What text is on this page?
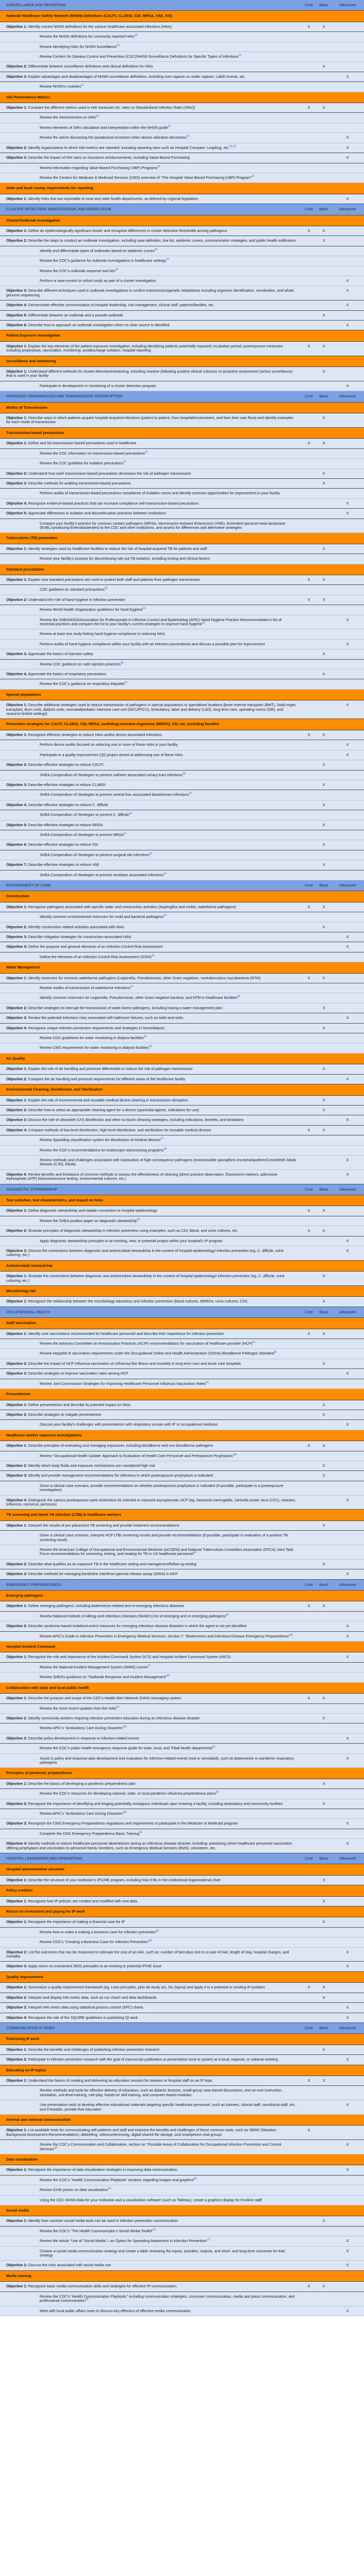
SURVEILLANCE AND REPORTING	Core	Basic	Advanced
National Healthcare Safety Network (NHSN) Definitions (CAUTI, CLABSI, CDI, MRSA, VAE, SSI)			
Objective 1: Identify current NHSN definitions for the various healthcare associated infections (HAIs)	X	X	
Review the NHSN definitions for commonly reported HAIs$^{18}$			
Review identifying HAIs for NHSN Surveillance$^{19}$			
Review Centers for Disease Control and Prevention (CDC)/NHSN Surveillance Definitions for Specific Types of Infections$^{20}$			
Objective 2: Differentiate between surveillance definitions and clinical definitions for HAIs		X	
Objective 3: Explain advantages and disadvantages of NHSN surveillance definitions, including over capture vs under capture, LabID events, etc.			X
Review NHSN's modules$^{21}$			
HAI Performance Metrics			
Objective 1: Compare the different metrics used in HAI measures (ie, rates vs Standardized Infection Ratio (SIRs))	X	X	
Review the intro/overview on SIRs$^{22}$			
Review elements of SIRs calculation and interpretation within the NHSN guide$^{22}$			
Review the article discussing the paradoxical increases when device utilization decreases$^{23}$			X
Objective 2: Identify organizations to which HAI metrics are reported, including reporting sites such as Hospital Compare, Leapfrog, etc.$^{24,25}$			X
Objective 3: Describe the impact of HAI rates on insurance reimbursements, including Value-Based Purchasing			X
Review information regarding Value-Based Purchasing (VBP) Programs$^{26}$			
Review the Centers for Medicare & Medicaid Services (CMS) overview of “The Hospital Value-Based Purchasing (VBP) Program”$^{27}$			
State and local county requirements for reporting			
Objective 1: Identify HAIs that are reportable to local and state health departments, as defined by regional legislation			X
CLUSTER DETECTION, INVESTIGATION, AND RESOLUTION	Core	Basic	Advanced
Cluster/Outbreak Investigation			
Objective 1: Define an epidemiologically significant cluster and recognize differences in cluster detection thresholds among pathogens	X	X	
Objective 2: Describe the steps to conduct an outbreak investigation, including case definition, line list, epidemic curves, communication strategies, and public health notification		X	
Identify and differentiate types of outbreaks based on epidemic curves$^{28}$			
Review the CDC’s guidance for outbreak investigations in healthcare settings$^{29}$			
Review the CDC’s outbreak response tool kits$^{30}$			
Perform a case-control or cohort study as part of a cluster investigation			X
Objective 3: Describe different techniques used in outbreak investigations to confirm transmission/genetic relatedness including organism identification, sensitivities, and whole genome sequencing.			X
Objective 4: Demonstrate effective communication to hospital leadership, risk management, clinical staff, patients/families, etc.			X
Objective 5: Differentiate between an outbreak and a pseudo-outbreak		X	
Objective 6: Describe how to approach an outbreak investigation when no clear source is identified			X
Patient Exposure investigation			
Objective 1: Explain the key elements of the patient exposure investigation, including identifying patients potentially exposed; incubation period; postexposure measures including prophylaxis, vaccination, monitoring, postdischarge isolation, hospital reporting	X	X	
Surveillance and monitoring			
Objective 1: Understand different methods for cluster detection/monitoring, including reactive (following positive clinical cultures) vs proactive assessment (active surveillance) that is used in your facility		X	
Participate in development or monitoring of a cluster detection program			X
PATHOGEN TRANSMISSION AND TRANSMISSION INTERRUPTION	Core	Basic	Advanced
Modes of Transmission			
Objective 1: Describe ways in which patients acquire hospital-acquired infections (patient to patient, from hospital/environment, and from their own flora) and identify examples for each mode of transmission		X	
Transmission-based precautions			
Objective 1: Define and list transmission-based precautions used in healthcare	X	X	
Review the CDC information on transmission-based precautions$^{31}$			
Review the CDC guideline for isolation precautions$^{32}$			
Objective 2: Understand how each transmission-based precautions decreases the risk of pathogen transmission		X	
Objective 3: Describe methods for auditing transmission-based precautions		X	
Perform audits of transmission-based precautions compliance of isolation rooms and identify common opportunities for improvement in your facility			
Objective 4: Recognize evidence-based practices that can increase compliance with transmission-based precautions			X
Objective 5: Appreciate differences in isolation and discontinuation practices between institutions			X
Compare your facility’s practice for common contact pathogens (MRSA, Vancomycin-resistant Enterococci (VRE), Extended-spectrum beta-lactamase (ESBL)-producing Enterobacterales) to the CDC and other institutions, and assess for differences and alternative strategies			
Tuberculosis (TB) prevention			
Objective 1: Identify strategies used by healthcare facilities to reduce the risk of hospital-acquired TB for patients and staff		X	
Review your facility’s process for discontinuing rule out TB isolation, including testing and clinical factors			
Standard precautions			
Objective 1: Explain how standard precautions are used to protect both staff and patients from pathogen transmission	X	X	
CDC guidance on standard precautions$^{33}$			
Objective 2: Understand the role of hand hygiene in infection prevention	X	X	
Review World Health Organization guidelines for hand hygiene$^{34}$			
Review the SHEA/IDSA/Association for Professionals in Infection Control and Epidemiolog (APIC) Hand Hygiene Practice Recommendation’s list of essential practices and compare the list to your facility's current strategies to improve hand hygiene$^{35}$			X
Review at least one study linking hand hygiene compliance to reducing HAIs			
Perform audits of hand hygiene compliance within your facility with an infection preventionist and discuss a possible plan for improvement			X
Objective 3: Appreciate the basics of injection safety		X	
Review CDC guidance on safe injection practices$^{36}$			
Objective 4: Appreciate the basics of respiratory precautions		X	
Review the CDC’s guidance on respiratory etiquette$^{37}$			
Special populations			
Objective 1: Describe additional strategies used to reduce transmission of pathogens in special populations or specialized locations [bone marrow transplant (BMT), Solid organ transplant, Burn units, dialysis units, neonatal/pediatric intensive care unit (NICU/PICU), Ambulatory, labor and delivery (L&D), long term care, operating rooms (OR), and resource limited settings]			X
Prevention strategies for CAUTI, CLABSI, CDI, MRSA, multidrug-resistant organisms (MDRO), SSI, etc. including bundles			
Objective 1: Recognize effective strategies to reduce HAIs and/or device associated infections	X	X	
Perform device audits focused on reducing one or more of these HAIs in your facility			X
Participate in a quality improvement (QI) project aimed at addressing one of these HAIs			X
Objective 2: Describe effective strategies to reduce CAUTI		X	
SHEA Compendium of Strategies to prevent catheter-associated urinary tract infections$^{38}$			
Objective 3: Describe effective strategies to reduce CLABSI		X	
SHEA Compendium of Strategies to prevent central line–associated bloodstream infections$^{39}$			
Objective 4: Describe effective strategies to reduce C. difficile		X	
SHEA Compendium of Strategies to prevent C. difficile$^{40}$			
Objective 5: Describe effective strategies to reduce MRSA		X	
SHEA Compendium of Strategies to prevent MRSA$^{41}$			
Objective 6: Describe effective strategies to reduce SSI		X	
SHEA Compendium of Strategies to prevent surgical site infections$^{42}$			
Objective 7: Describe effective strategies to reduce VAE		X	
SHEA Compendium of Strategies to prevent ventilator associated infections$^{43}$			
ENVIRONMENT OF CARE	Core	Basic	Advanced
Construction			
Objective 1: Recognize pathogens associated with specific water and construction activities (Aspergillus and molds, waterborne pathogens)	X	X	
Identify common environmental reservoirs for mold and bacterial pathogens$^{44}$			
Objective 2: Identify construction related activities associated with HAIs		X	
Objective 3: Describe mitigation strategies for construction-associated HAIs			X
Objective 4: Define the purpose and general elements of an Infection Control Risk Assessment			X
Define the elements of an Infection Control Risk Assessment (ICRA)$^{45}$			
Water Management			
Objective 1: Identify reservoirs for common waterborne pathogens (Legionella, Pseudomonas, other Gram negatives, nontuberculous mycobacteria (NTM)	X	X	
Review modes of transmission of waterborne infections$^{44}$			
Identify common reservoirs for Legionella, Pseudomonas, other Gram-negative bacteria, and NTM in healthcare facilities$^{44}$			
Objective 2: Describe strategies to interrupt the transmission of water borne pathogens, including having a water management plan		X	
Objective 3: Review the potential infectious risks associated with bathroom fixtures, such as toilet and sinks			X
Objective 4: Recognize unique infection prevention requirements and strategies in hemodialysis		X	
Review CDC guidelines for water monitoring in dialysis facilities$^{44}$			
Review CMS requirements for water monitoring in dialysis facilities$^{46}$			
Air Quality			
Objective 1: Explain the role of air handling and pressure differentials to reduce the risk of pathogen transmission		X	
Objective 2: Compare the air handling and pressure requirements for different areas of the healthcare facility			X
Environmental Cleaning, Disinfection, and Sterilization			
Objective 1: Explain the role of environmental and reusable medical device cleaning in transmission disruption		X	
Objective 2: Describe how to select an appropriate cleaning agent for a device (sporicidal agents, indications for use)		X	
Objective 3: Discuss the role of ultraviolet (UV) disinfection and other no touch cleaning strategies, including indications, benefits, and limitations			X
Objective 4: Compare methods of low-level disinfection, high-level disinfection, and sterilization for reusable medical devices	X	X	
Review Spaulding classification system for disinfection of medical devices$^{47}$			
Review the CDC’s recommendations for endoscope reprocessing programs$^{48}$			
Review methods and challenges associated with inactivation of high consequence pathogens (transmissible spongiform encephalopathies/Creutzfeldt-Jakob disease (CJD), Ebola)			X
Objective 5: Review benefits and limitations of common methods to assess the effectiveness of cleaning (direct practice observation, fluorescent markers, adenosine triphosphate (ATP) bioluminescence testing, environmental cultures, etc.)			X
DIAGNOSTIC STEWARDSHIP	Core	Basic	Advanced
Test selection, test characteristics, and impact on HAIs			
Objective 1: Define diagnostic stewardship and explain connection to hospital epidemiology	X	X	
Review the SHEA position paper on diagnostic stewardship$^{49}$			
Objective 2: Illustrate principles of diagnostic stewardship in infection prevention using examples, such as CDI, blood, and urine cultures, etc.	X	X	
Apply diagnostic stewardship principles to an existing, new, or potential project within your hospital’s IP program			X
Objective 3: Discuss the connections between diagnostic and antimicrobial stewardship in the context of hospital epidemiology/ infection prevention (eg, C. difficile, urine culturing, etc.)			X
Antimicrobial stewardship			
Objective 1: Illustrate the connections between diagnostic and antimicrobial stewardship in the context of hospital epidemiology/ infection prevention (eg, C. difficile, urine culturing, etc.)		X	
Microbiology lab			
Objective 1: Recognize the relationship between the microbiology laboratory and infection prevention (blood cultures, MDROs, urine cultures, CDI)		X	
OCCUPATIONAL HEALTH	Core	Basic	Advanced
Staff vaccination			
Objective 1: Identify core vaccinations recommended for healthcare personnel and describe their importance for infection prevention	X	X	
Review the Advisory Committee on Immunization Practices (ACIP) recommendations for vaccination of healthcare provider (HCP)$^{50}$			
Review Hepatitis B vaccination requirements under the Occupational Safety and Health Administration (OSHA) Bloodborne Pathogen Standard$^{51}$			
Objective 2: Describe the impact of HCP influenza vaccination on influenza-like illness and mortality in long-term care and acute care hospitals		X	
Objective 3: Describe strategies to improve vaccination rates among HCP			X
Review Joint Commission Strategies for Improving Healthcare Personnel Influenza Vaccination Rates$^{52}$			
Presenteeism			
Objective 1: Define presenteeism and describe its potential impact on HAIs		X	
Objective 2: Describe strategies to mitigate presenteeism		X	
Discuss your facility’s challenges with presenteeism with respiratory viruses with IP or occupational medicine			X
Healthcare worker exposure investigations			
Objective 1: Describe principles of evaluating and managing exposures, including bloodborne and non-bloodborne pathogens	X	X	
Review “Occupational Health Update: Approach to Evaluation of Health Care Personnel and Preexposure Prophylaxis”$^{53}$			
Objective 2: Identify which body fluids and exposure mechanisms are considered high risk		X	
Objective 3: Identify and provide management recommendations for infections in which postexposure prophylaxis is indicated		X	
Given a clinical case scenario, provide recommendations on whether postexposure prophylaxis is indicated (if possible, participate in a postexposure investigation)			
Objective 4: Distinguish the various postexposure work restrictions for infected or exposed asymptomatic HCP (eg, Neisseria meningitidis, Varicella zoster virus (VZV), measles, Influenza, norovirus, pertussis)			X
TB screening and latent TB infection (LTBI) in healthcare workers			
Objective 1: Interpret the results of pre-placement TB screening and provide treatment recommendations		X	
Given a clinical case scenario, interpret HCP LTBI screening results and provide recommendations (if possible, participate in evaluation of a positive TB screening result)			
Review the American College of Occupational and Environmental Medicine (ACOEM) and National Tuberculosis Controllers Association (NTCA) Joint Task Force recommendations for screening, testing, and treating for TB in US healthcare personnel$^{54}$			
Objective 2: Describe what qualifies as an exposure TB in the healthcare setting and management/follow-up testing		X	
Objective 3: Describe methods for managing borderline interferon-gamma release assay (IGRA) in HCP			X
EMERGENCY PREPAREDNESS	Core	Basic	Advanced
Emerging pathogens			
Objective 1: Define emerging pathogens, including bioterrorism-related and re-emerging infectious diseases	X	X	
Review National Institute of Allergy and Infectious Diseases (NIAID’s) list of emerging and re-emerging pathogens$^{55}$			
Objective 2: Describe syndrome-based isolation/control measures for emerging infectious disease disasters in which the agent is not yet identified			X
Review APIC’s Guide to Infection Prevention in Emergency Medical Services, Section 7: “Bioterrorism and Infectious Disease Emergency Preparedness”$^{56}$			X
Hospital Incident Command			
Objective 1: Recognize the role and importance of the Incident Command System (ICS) and Hospital Incident Command System (HICS)			X
Review the National Incident Management System (NIMS) course$^{57}$			
Review SHEA’s guidance on “Outbreak Response and Incident Management”$^{58}$			
Collaboration with state and local public health			
Objective 1: Describe the purpose and scope of the CDC’s Health Alert Network (HAN) messaging system	X	X	
Review the most recent updates from the HAN$^{59}$			
Objective 2: Identify community workers requiring infection prevention education during an infectious disease disaster		X	
Review APIC’s “Ambulatory Care During Disasters”$^{60}$			
Objective 3: Describe policy development in response to infection-related events			X
Review the CDC’s public health emergency response guide for state, local, and Tribal health departments$^{61}$			
Assist in policy and response plan development and evaluation for infection-related events (real or simulated), such as bioterrorism or pandemic respiratory pathogens			X
Principles of pandemic preparedness			
Objective 1: Describe the basics of developing a pandemic preparedness plan		X	
Review the CDC’s resources for developing national, state, or local pandemic influenza preparedness plans$^{62}$			
Objective 2: Recognize the importance of identifying and triaging potentially contagious individuals upon entering a facility, including ambulatory and community facilities		X	
Review APIC’s “Ambulatory Care During Disasters”$^{63}$			
Objective 3: Recognize the CMS Emergency Preparedness regulations and requirements to participate in the Medicare or Medicaid program			X
Complete the CMS Emergency Preparedness Basic Training$^{64}$			
Objective 4: Identify methods to reduce healthcare personnel absenteeism during an infectious disease disaster, including: prioritizing select healthcare personnel vaccination, offering prophylaxis and vaccination to personnel family members, such as Emergency Medical Services (EMS), volunteers, etc.			X
HOSPITAL LEADERSHIP AND OPERATIONS	Core	Basic	Advanced
Hospital administration structure			
Objective 1: Describe the structure of your institution’s IPC/HE program, including how it fits in the institutional organizational chart		X	
Policy creation			
Objective 1: Recognize how IP policies are created and modified with new data		X	
Return on investment and paying for IP work			
Objective 1: Recognize the importance of making a financial case for IP		X	
Review how to make a making a business case for infection prevention$^{65}$			
Review CDC’s “Creating a Business Case for Infection Prevention”$^{66}$			
Objective 2: List the outcomes that can be measured to estimate the cost of an HAI, such as: number of bed-days lost to a case of HAI, length of stay, hospital charges, and mortality			X
Objective 3: Apply return on investment (ROI) principles to an existing or potential IP/HE issue			X
Quality improvement			
Objective 1: Summarize a quality improvement framework (eg, Lean principles, plan do study act, Six Sigma) and apply it to a potential or existing IP problem	X	X	
Objective 2: Interpret and display HAI metric data, such as run charts and data dashboards		X	
Objective 3: Interpret HAI metric data using statistical process control (SPC) charts			X
Objective 4: Recognize the role of the SQUIRE guidelines in publishing QI work			X
COMMUNICATING IP WORK	Core	Basic	Advanced
Publishing IP work			
Objective 1: Describe the benefits and challenges of publishing infection prevention research		X	
Objective 2: Participate in infection prevention research with the goal of manuscript publication or presentation (oral or poster) at a local, regional, or national meeting			X
Educating on IP topics			
Objective 1: Understand the basics of creating and delivering an education session for trainees or hospital staff on an IP topic	X	X	
Review methods and tools for effective delivery of education, such as didactic lectures, small-group case-based discussions, one-on-one instruction, simulation, unit-level training, role-play, hands-on skill training, and computer-based modules			
Use presentation tools to develop effective educational materials targeting specific healthcare personnel, such as trainees, clinical staff, nonclinical staff, etc., and if feasible, provide that education			X
Internal and external communication			
Objective 1: List available tools for communicating with patients and staff and examine the benefits and challenges of these common tools, such as SBAR (Situation-Background-Assessment-Recommendation), debriefing, videoconferencing, digital shared file storage, and smartphone chat groups	X		
Review the CDC’s Communication and Collaboration, section on “Possible Areas of Collaboration for Occupational Infection Prevention and Control Services”$^{67}$			X
Data visualization			
Objective 1: Recognize the importance of data visualization strategies in improving data communication.			X
Review the CDC’s “Health Communication Playbook” sections regarding images and graphics$^{68}$			
Review ICHE primer on data visualization$^{69}$			
Using the CDC NHSN data for your institution and a visualization software (such as Tableau), create a graphics display for frontline staff			
Social media			
Objective 1: Identify how common social media tools can be used in infection prevention communication		X	
Review the CDC’s “The Health Communicator’s Social Media Toolkit”$^{70}$			
Review the article “Use of “Social Media”—an Option for Spreading Awareness in Infection Prevention”$^{71}$			X
Choose a social media communication strategy and create a table reviewing the inputs, activities, outputs, and short- and long-term outcomes for that strategy			X
Objective 2: Discuss the risks associated with social media use			X
Media training			
Objective 1: Recognize basic media communication skills and strategies for effective IP communication.	X	X	
Review the CDC’s “Health Communication Playbook,” including communication strategies, consumer communication, media and press communication, and professional communication$^{68}$			
Meet with local public affairs team to discuss key effectors of effective media communication			X
